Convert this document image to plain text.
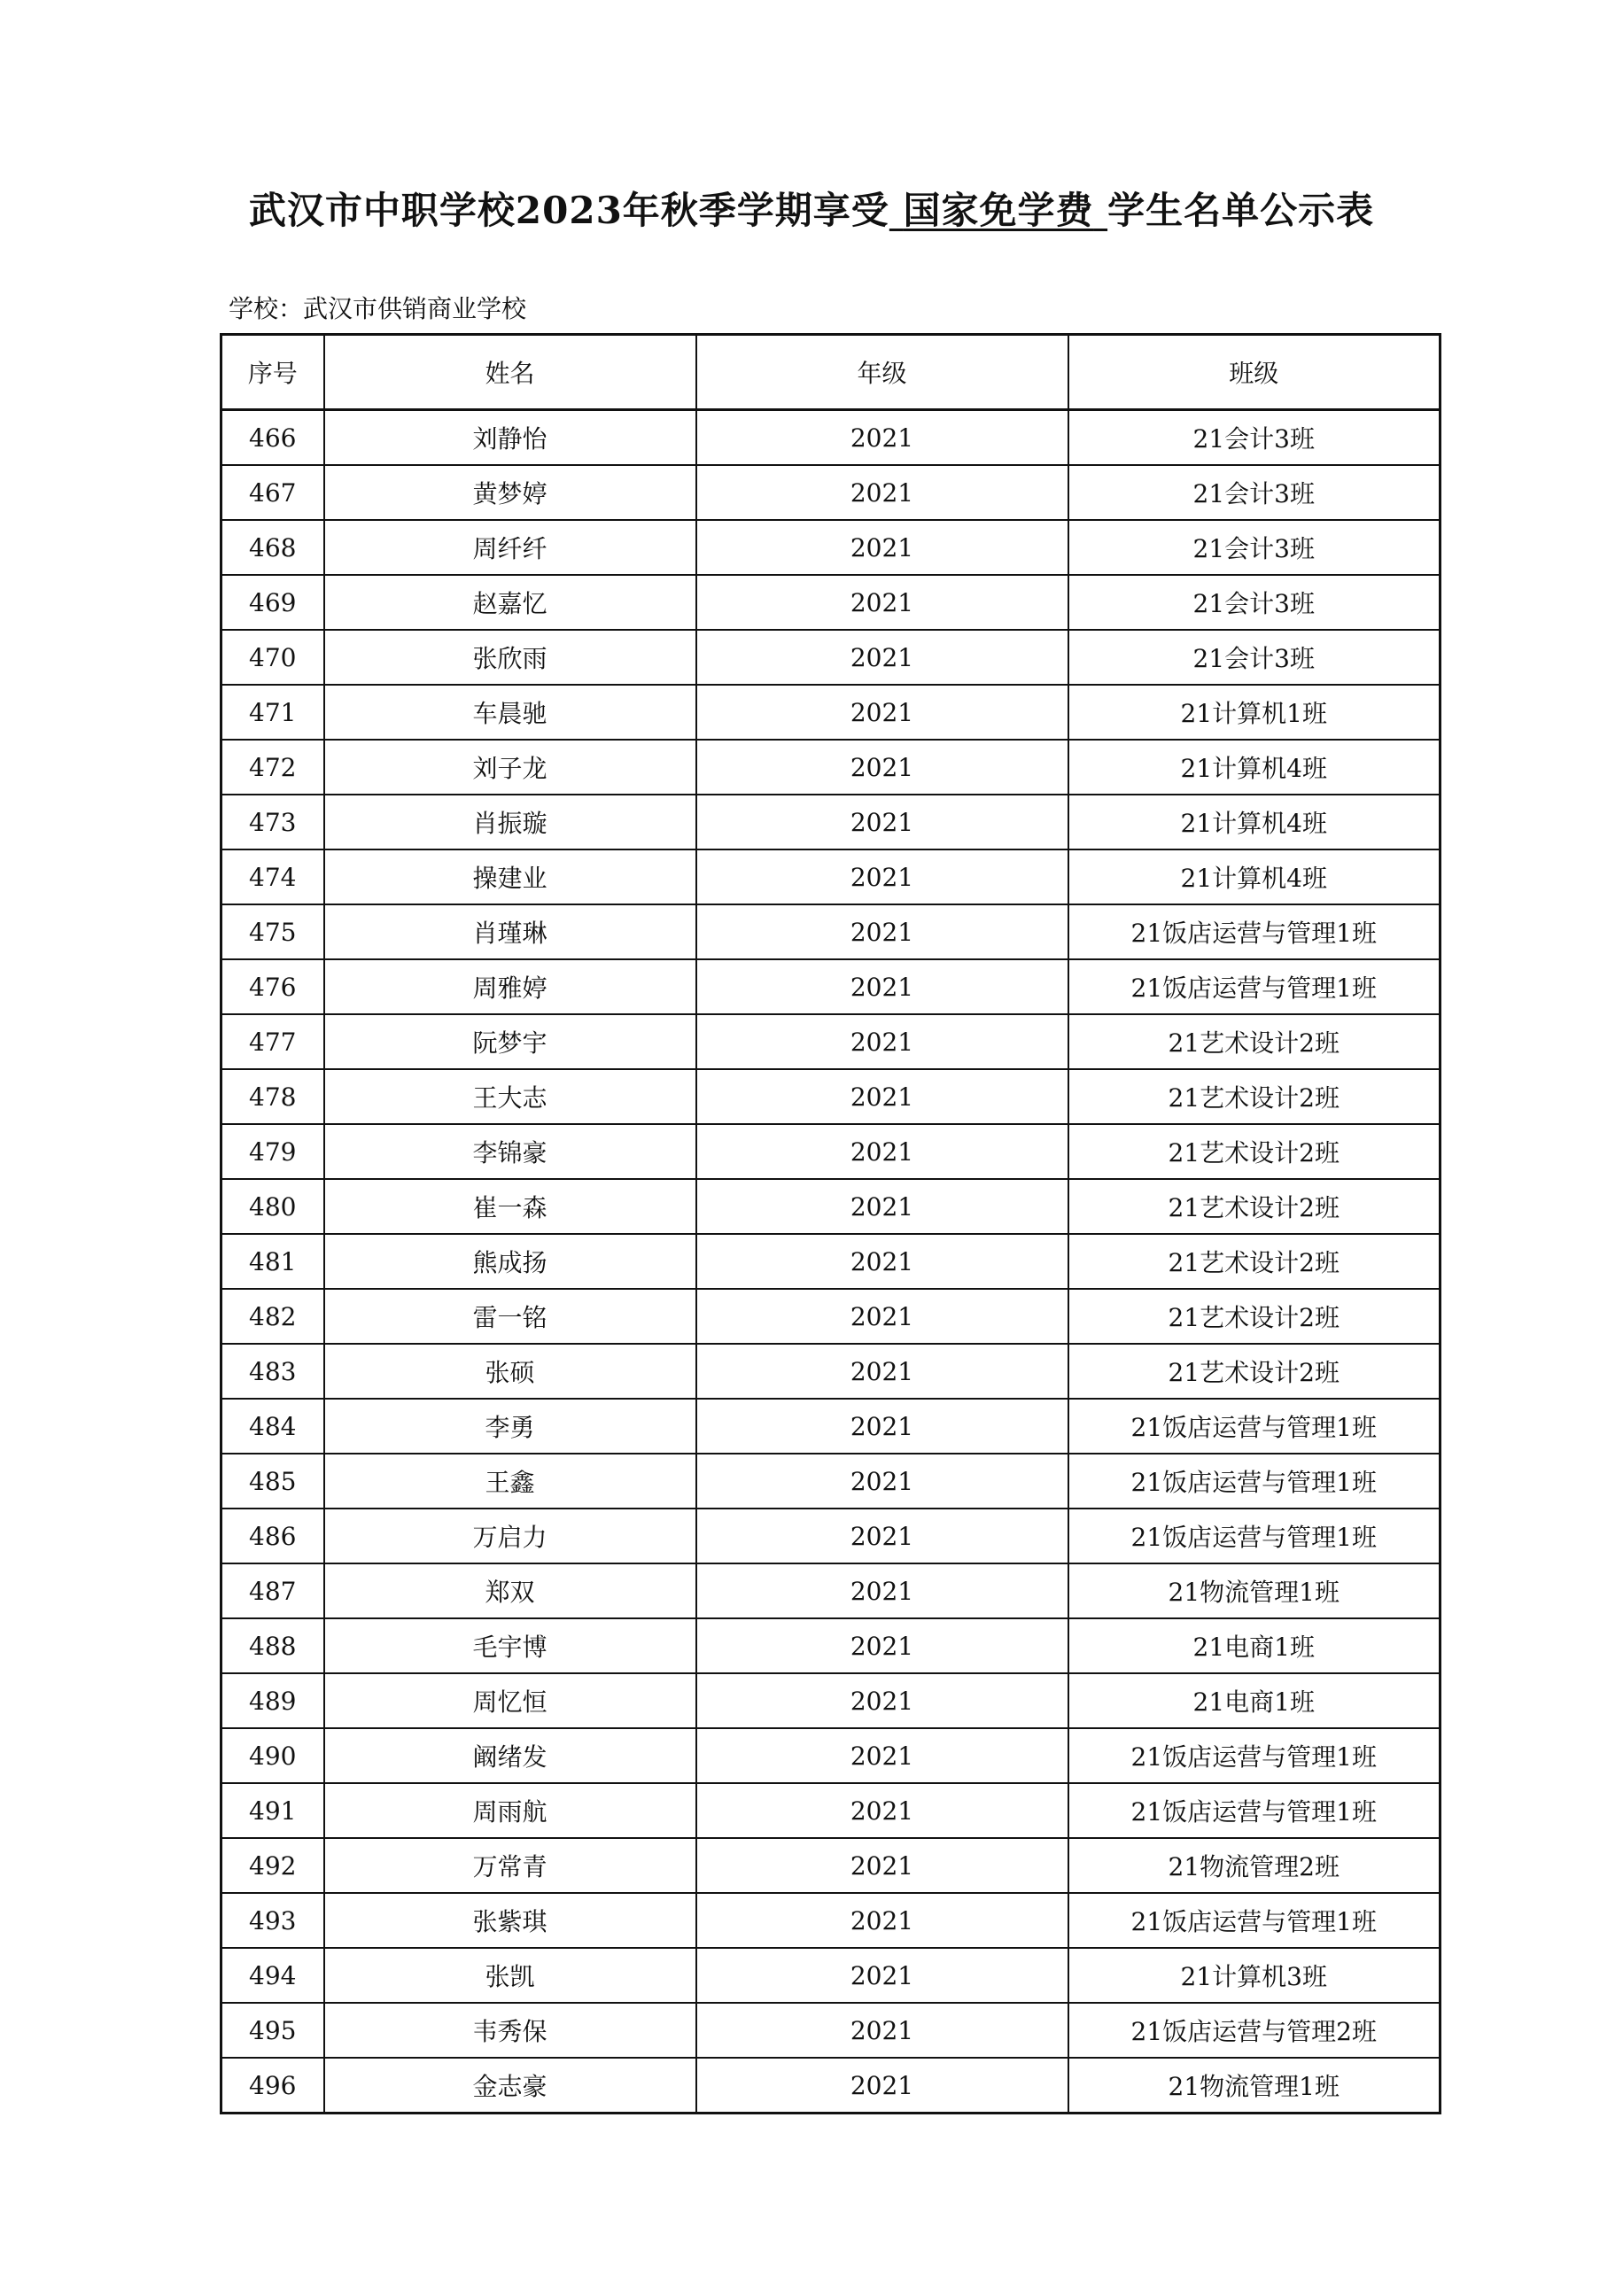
武汉市中职学校2023年秋季学期享受 国家免学费 学生名单公示表
学校：武汉市供销商业学校
序号	姓名	年级	班级
466	刘静怡	2021	21会计3班
467	黄梦婷	2021	21会计3班
468	周纤纤	2021	21会计3班
469	赵嘉忆	2021	21会计3班
470	张欣雨	2021	21会计3班
471	车晨驰	2021	21计算机1班
472	刘子龙	2021	21计算机4班
473	肖振璇	2021	21计算机4班
474	操建业	2021	21计算机4班
475	肖瑾琳	2021	21饭店运营与管理1班
476	周雅婷	2021	21饭店运营与管理1班
477	阮梦宇	2021	21艺术设计2班
478	王大志	2021	21艺术设计2班
479	李锦豪	2021	21艺术设计2班
480	崔一森	2021	21艺术设计2班
481	熊成扬	2021	21艺术设计2班
482	雷一铭	2021	21艺术设计2班
483	张硕	2021	21艺术设计2班
484	李勇	2021	21饭店运营与管理1班
485	王鑫	2021	21饭店运营与管理1班
486	万启力	2021	21饭店运营与管理1班
487	郑双	2021	21物流管理1班
488	毛宇博	2021	21电商1班
489	周忆恒	2021	21电商1班
490	阚绪发	2021	21饭店运营与管理1班
491	周雨航	2021	21饭店运营与管理1班
492	万常青	2021	21物流管理2班
493	张紫琪	2021	21饭店运营与管理1班
494	张凯	2021	21计算机3班
495	韦秀保	2021	21饭店运营与管理2班
496	金志豪	2021	21物流管理1班
